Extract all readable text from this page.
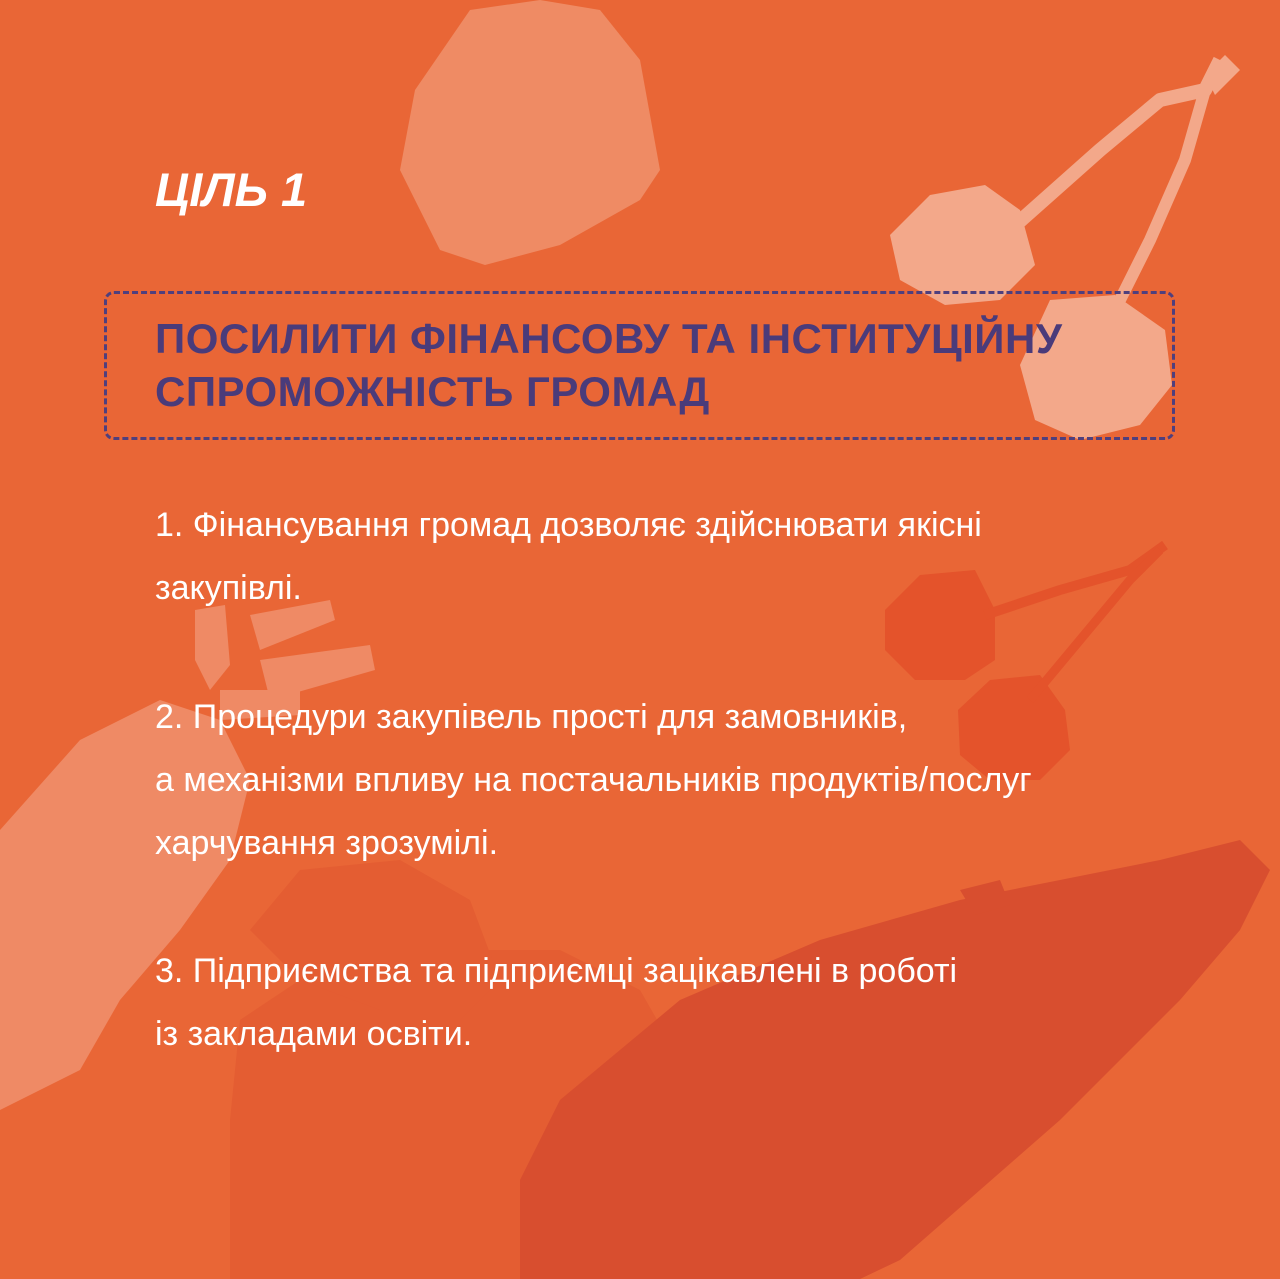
ЦІЛЬ 1
ПОСИЛИТИ ФІНАНСОВУ ТА ІНСТИТУЦІЙНУ
СПРОМОЖНІСТЬ ГРОМАД

1. Фінансування громад дозволяє здійснювати якісні
закупівлі.

2. Процедури закупівель прості для замовників,
а механізми впливу на постачальників продуктів/послуг
харчування зрозумілі.

3. Підприємства та підприємці зацікавлені в роботі
із закладами освіти.
